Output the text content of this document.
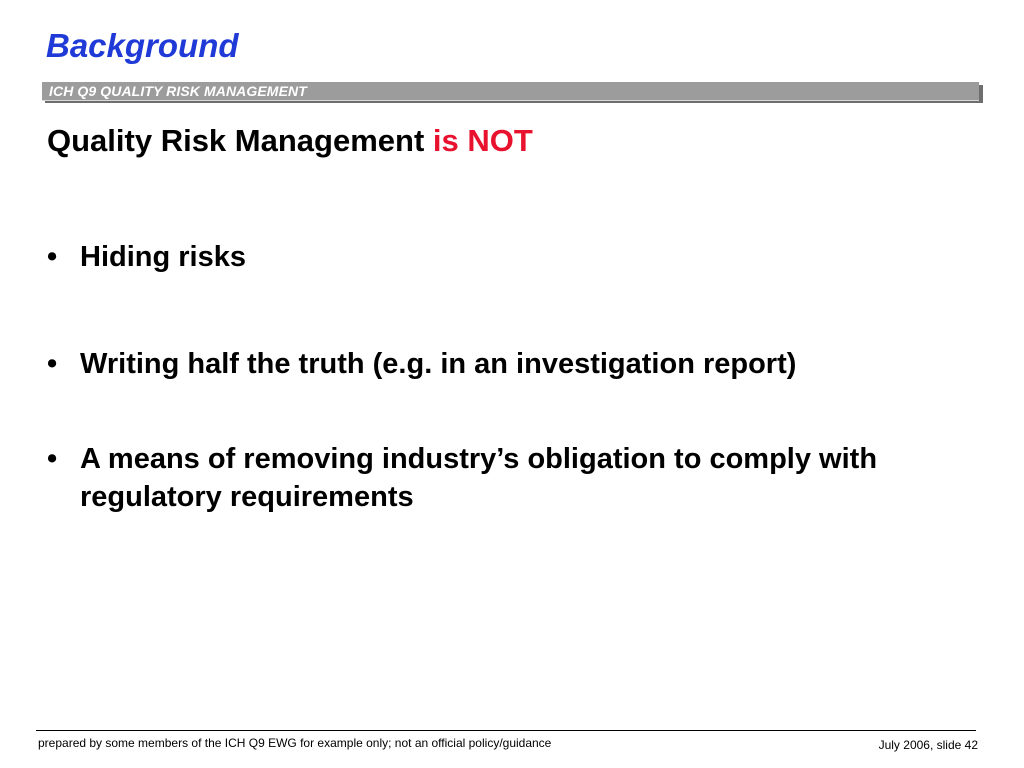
Background
ICH Q9 QUALITY RISK MANAGEMENT
Quality Risk Management is NOT
• Hiding risks
• Writing half the truth (e.g. in an investigation report)
• A means of removing industry’s obligation to comply with regulatory requirements
prepared by some members of the ICH Q9 EWG for example only; not an official policy/guidance	July 2006, slide 42
